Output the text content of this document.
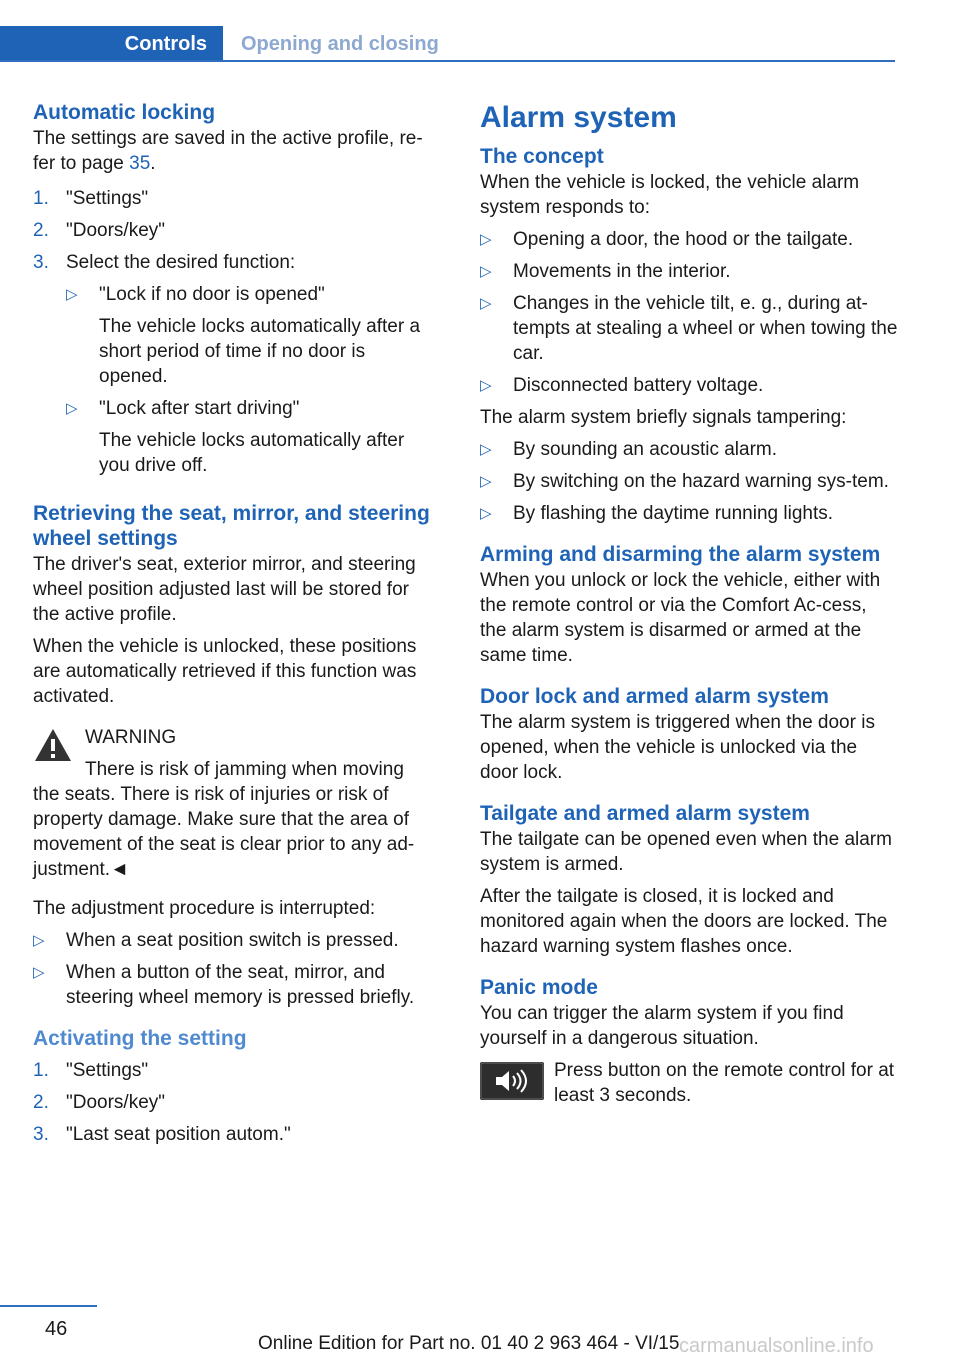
Controls Opening and closing
Automatic locking

The settings are saved in the active profile, re-fer to page 35.

1. "Settings"
2. "Doors/key"
3. Select the desired function:
▷	"Lock if no door is opened"
The vehicle locks automatically after a short period of time if no door is opened.
▷	"Lock after start driving"
The vehicle locks automatically after you drive off.
Retrieving the seat, mirror, and steering wheel settings

The driver's seat, exterior mirror, and steering wheel position adjusted last will be stored for the active profile.

When the vehicle is unlocked, these positions are automatically retrieved if this function was activated.

WARNING
There is risk of jamming when moving
the seats. There is risk of injuries or risk of property damage. Make sure that the area of movement of the seat is clear prior to any ad-justment.◄

The adjustment procedure is interrupted:

▷	When a seat position switch is pressed.
▷	When a button of the seat, mirror, and steering wheel memory is pressed briefly.
Activating the setting
1. "Settings"
2. "Doors/key"
3. "Last seat position autom."
Alarm system
The concept

When the vehicle is locked, the vehicle alarm system responds to:

▷	Opening a door, the hood or the tailgate.
▷	Movements in the interior.
▷	Changes in the vehicle tilt, e. g., during at-tempts at stealing a wheel or when towing the car.
▷	Disconnected battery voltage.

The alarm system briefly signals tampering:

▷	By sounding an acoustic alarm.
▷	By switching on the hazard warning sys-tem.
▷	By flashing the daytime running lights.
Arming and disarming the alarm system

When you unlock or lock the vehicle, either with the remote control or via the Comfort Ac-cess, the alarm system is disarmed or armed at the same time.

Door lock and armed alarm system

The alarm system is triggered when the door is opened, when the vehicle is unlocked via the door lock.

Tailgate and armed alarm system

The tailgate can be opened even when the alarm system is armed.

After the tailgate is closed, it is locked and monitored again when the doors are locked. The hazard warning system flashes once.

Panic mode

You can trigger the alarm system if you find yourself in a dangerous situation.

Press button on the remote control for at least 3 seconds.
46
Online Edition for Part no. 01 40 2 963 464 - VI/15 carmanualsonline.info
